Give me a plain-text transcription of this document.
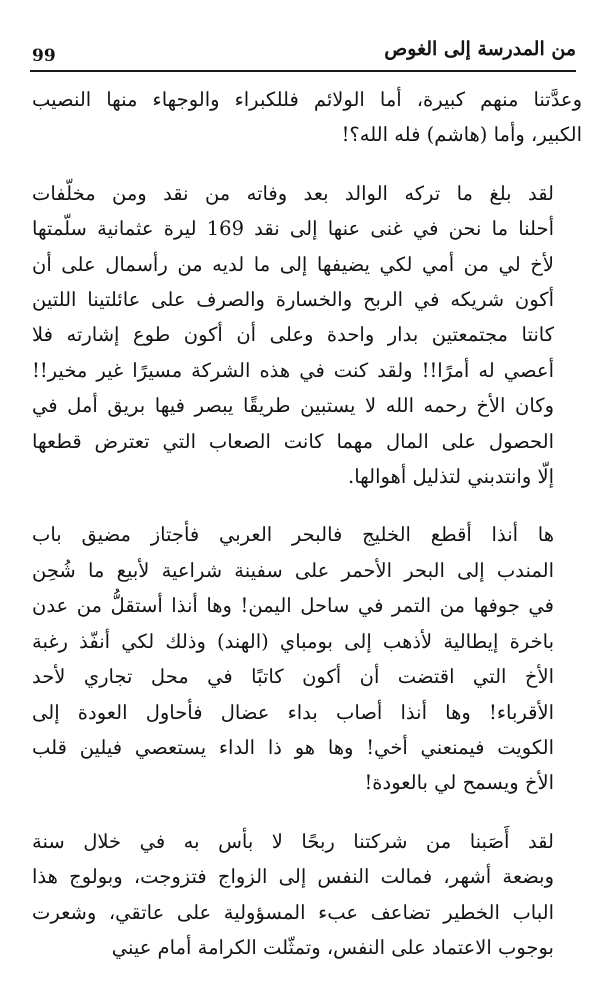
99	من المدرسة إلى الغوص
وعدَّتنا منهم كبيرة، أما الولائم فللكبراء والوجهاء منها النصيب
الكبير، وأما (هاشم) فله الله؟!
لقد بلغ ما تركه الوالد بعد وفاته من نقد ومن مخلّفات
أحلنا ما نحن في غنى عنها إلى نقد 169 ليرة عثمانية سلّمتها
لأخ لي من أمي لكي يضيفها إلى ما لديه من رأسمال على أن
أكون شريكه في الربح والخسارة والصرف على عائلتينا اللتين
كانتا مجتمعتين بدار واحدة وعلى أن أكون طوع إشارته فلا
أعصي له أمرًا!! ولقد كنت في هذه الشركة مسيرًا غير مخير!!
وكان الأخ رحمه الله لا يستبين طريقًا يبصر فيها بريق أمل في
الحصول على المال مهما كانت الصعاب التي تعترض قطعها
إلّا وانتدبني لتذليل أهوالها.
ها أنذا أقطع الخليج فالبحر العربي فأجتاز مضيق باب
المندب إلى البحر الأحمر على سفينة شراعية لأبيع ما شُحِن
في جوفها من التمر في ساحل اليمن! وها أنذا أستقلُّ من عدن
باخرة إيطالية لأذهب إلى بومباي (الهند) وذلك لكي أنفّذ رغبة
الأخ التي اقتضت أن أكون كاتبًا في محل تجاري لأحد
الأقرباء! وها أنذا أصاب بداء عضال فأحاول العودة إلى
الكويت فيمنعني أخي! وها هو ذا الداء يستعصي فيلين قلب
الأخ ويسمح لي بالعودة!
لقد أَصَبنا من شركتنا ربحًا لا بأس به في خلال سنة
وبضعة أشهر، فمالت النفس إلى الزواج فتزوجت، وبولوج هذا
الباب الخطير تضاعف عبء المسؤولية على عاتقي، وشعرت
بوجوب الاعتماد على النفس، وتمثّلت الكرامة أمام عيني
